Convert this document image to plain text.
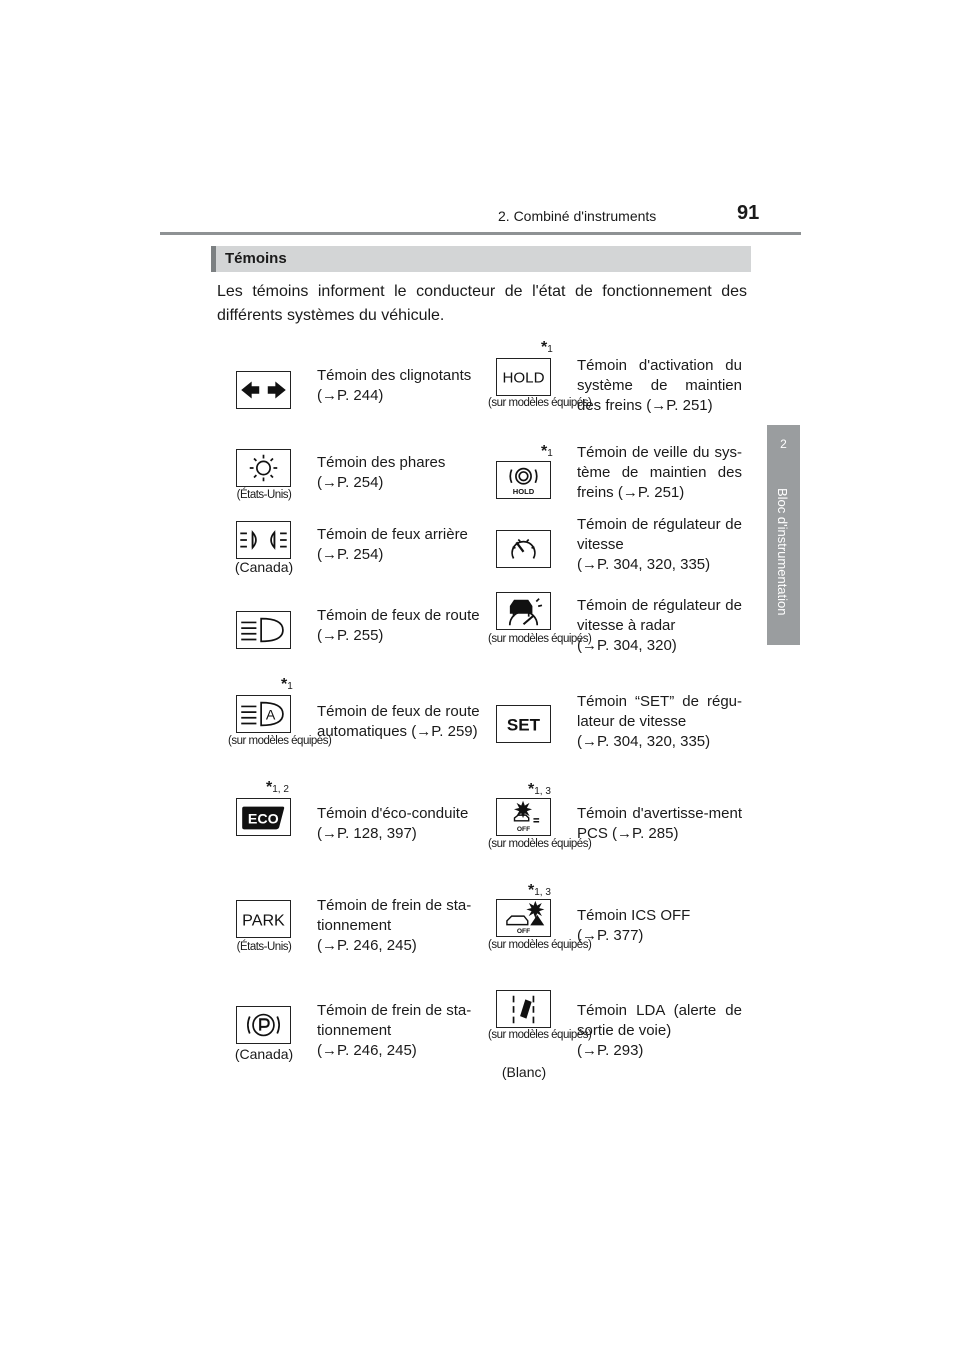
2. Combiné d'instruments	91
2
Bloc d'instrumentation
Témoins

Les témoins informent le conducteur de l'état de fonctionnement des différents systèmes du véhicule.

Témoin des clignotants
(→P. 244)
(États-Unis)
Témoin des phares
(→P. 254)
(Canada)
Témoin de feux arrière
(→P. 254)
Témoin de feux de route
(→P. 255)
*1
A
(sur modèles équipés)
Témoin de feux de route automatiques (→P. 259)
*1, 2
ECO	Témoin d'éco-conduite
(→P. 128, 397)
PARK
(États-Unis)
Témoin de frein de sta-tionnement
(→P. 246, 245)
(Canada)
Témoin de frein de sta-tionnement
(→P. 246, 245)
*1
HOLD
(sur modèles équipés)
Témoin d'activation du système de maintien des freins (→P. 251)
*1
HOLD
Témoin de veille du sys-tème de maintien des freins (→P. 251)
Témoin de régulateur de vitesse
(→P. 304, 320, 335)
(sur modèles équipés)
Témoin de régulateur de vitesse à radar
(→P. 304, 320)
SET
Témoin “SET” de régu-lateur de vitesse
(→P. 304, 320, 335)
*1, 3
OFF
(sur modèles équipés)
Témoin d'avertisse-ment PCS (→P. 285)
*1, 3
OFF
(sur modèles équipés)
Témoin ICS OFF
(→P. 377)
(sur modèles équipés)
(Blanc)
Témoin LDA (alerte de sortie de voie)
(→P. 293)
